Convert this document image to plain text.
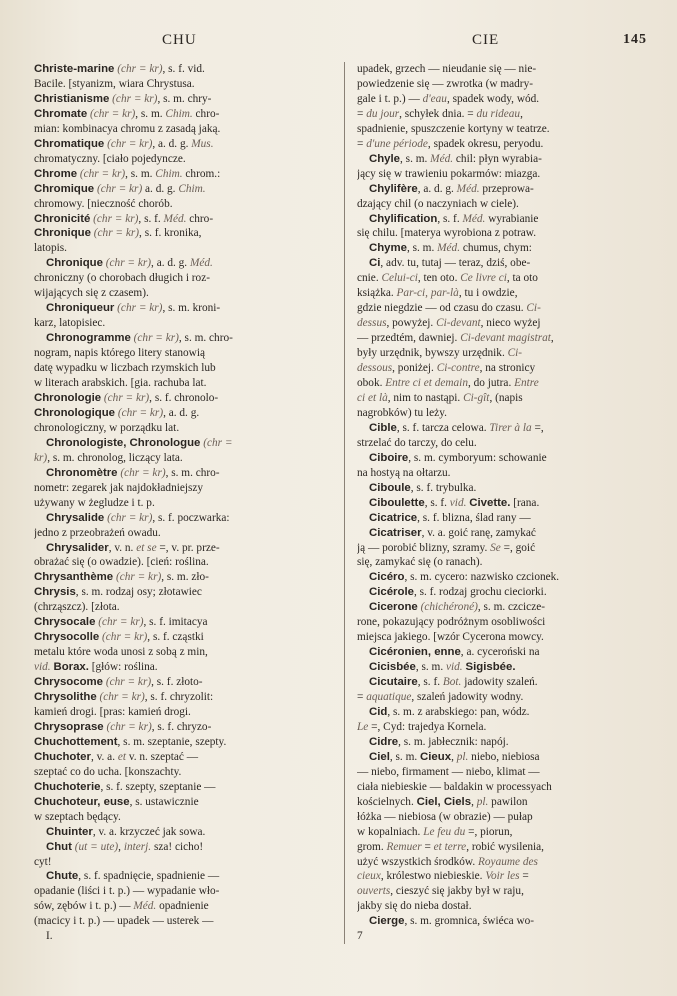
CHU	CIE	145
Christe-marine (chr = kr), s. f. vid.
Bacile. [styanizm, wiara Chrystusa.
Christianisme (chr = kr), s. m. chry-
Chromate (chr = kr), s. m. Chim. chro-
mian: kombinacya chromu z zasadą jaką.
Chromatique (chr = kr), a. d. g. Mus.
chromatyczny. [ciało pojedyncze.
Chrome (chr = kr), s. m. Chim. chrom.:
Chromique (chr = kr) a. d. g. Chim.
chromowy. [nieczność chorób.
Chronicité (chr = kr), s. f. Méd. chro-
Chronique (chr = kr), s. f. kronika,
latopis.
Chronique (chr = kr), a. d. g. Méd.
chroniczny (o chorobach długich i roz-
wijających się z czasem).
Chroniqueur (chr = kr), s. m. kroni-
karz, latopisiec.
Chronogramme (chr = kr), s. m. chro-
nogram, napis którego litery stanowią
datę wypadku w liczbach rzymskich lub
w literach arabskich. [gia. rachuba lat.
Chronologie (chr = kr), s. f. chronolo-
Chronologique (chr = kr), a. d. g.
chronologiczny, w porządku lat.
Chronologiste, Chronologue (chr =
kr), s. m. chronolog, liczący lata.
Chronomètre (chr = kr), s. m. chro-
nometr: zegarek jak najdokładniejszy
używany w żegludze i t. p.
Chrysalide (chr = kr), s. f. poczwarka:
jedno z przeobrażeń owadu.
Chrysalider, v. n. et se =, v. pr. prze-
obrażać się (o owadzie). [cień: roślina.
Chrysanthème (chr = kr), s. m. zło-
Chrysis, s. m. rodzaj osy; złotawiec
(chrząszcz). [złota.
Chrysocale (chr = kr), s. f. imitacya
Chrysocolle (chr = kr), s. f. cząstki
metalu które woda unosi z sobą z min,
vid. Borax. [głów: roślina.
Chrysocome (chr = kr), s. f. złoto-
Chrysolithe (chr = kr), s. f. chryzolit:
kamień drogi. [pras: kamień drogi.
Chrysoprase (chr = kr), s. f. chryzo-
Chuchottement, s. m. szeptanie, szepty.
Chuchoter, v. a. et v. n. szeptać —
szeptać co do ucha. [konszachty.
Chuchoterie, s. f. szepty, szeptanie —
Chuchoteur, euse, s. ustawicznie
w szeptach będący.
Chuinter, v. a. krzyczeć jak sowa.
Chut (ut = ute), interj. sza! cicho!
cyt!
Chute, s. f. spadnięcie, spadnienie —
opadanie (liści i t. p.) — wypadanie wło-
sów, zębów i t. p.) — Méd. opadnienie
(macicy i t. p.) — upadek — usterek —
I.
upadek, grzech — nieudanie się — nie-
powiedzenie się — zwrotka (w madry-
gale i t. p.) — d'eau, spadek wody, wód.
= du jour, schyłek dnia. = du rideau,
spadnienie, spuszczenie kortyny w teatrze.
= d'une période, spadek okresu, peryodu.
Chyle, s. m. Méd. chil: płyn wyrabia-
jący się w trawieniu pokarmów: miazga.
Chylifère, a. d. g. Méd. przeprowa-
dzający chil (o naczyniach w ciele).
Chylification, s. f. Méd. wyrabianie
się chilu. [materya wyrobiona z potraw.
Chyme, s. m. Méd. chumus, chym:
Ci, adv. tu, tutaj — teraz, dziś, obe-
cnie. Celui-ci, ten oto. Ce livre ci, ta oto
książka. Par-ci, par-là, tu i owdzie,
gdzie niegdzie — od czasu do czasu. Ci-
dessus, powyżej. Ci-devant, nieco wyżej
— przedtém, dawniej. Ci-devant magistrat,
były urzędnik, bywszy urzędnik. Ci-
dessous, poniżej. Ci-contre, na stronicy
obok. Entre ci et demain, do jutra. Entre
ci et là, nim to nastąpi. Ci-gît, (napis
nagrobków) tu leży.
Cible, s. f. tarcza celowa. Tirer à la =,
strzelać do tarczy, do celu.
Ciboire, s. m. cymboryum: schowanie
na hostyą na ołtarzu.
Ciboule, s. f. trybulka.
Ciboulette, s. f. vid. Civette. [rana.
Cicatrice, s. f. blizna, ślad rany —
Cicatriser, v. a. goić ranę, zamykać
ją — porobić blizny, szramy. Se =, goić
się, zamykać się (o ranach).
Cicéro, s. m. cycero: nazwisko czcionek.
Cicérole, s. f. rodzaj grochu cieciorki.
Cicerone (chichéroné), s. m. czcicze-
rone, pokazujący podróżnym osobliwości
miejsca jakiego. [wzór Cycerona mowcy.
Cicéronien, enne, a. cyceroński na
Cicisbée, s. m. vid. Sigisbée.
Cicutaire, s. f. Bot. jadowity szaleń.
= aquatique, szaleń jadowity wodny.
Cid, s. m. z arabskiego: pan, wódz.
Le =, Cyd: trajedya Kornela.
Cidre, s. m. jabłecznik: napój.
Ciel, s. m. Cieux, pl. niebo, niebiosa
— niebo, firmament — niebo, klimat —
ciała niebieskie — baldakin w processyach
kościelnych. Ciel, Ciels, pl. pawilon
łóżka — niebiosa (w obrazie) — pułap
w kopalniach. Le feu du =, piorun,
grom. Remuer = et terre, robić wysilenia,
użyć wszystkich środków. Royaume des
cieux, królestwo niebieskie. Voir les =
ouverts, cieszyć się jakby był w raju,
jakby się do nieba dostał.
Cierge, s. m. gromnica, świéca wo-
7
